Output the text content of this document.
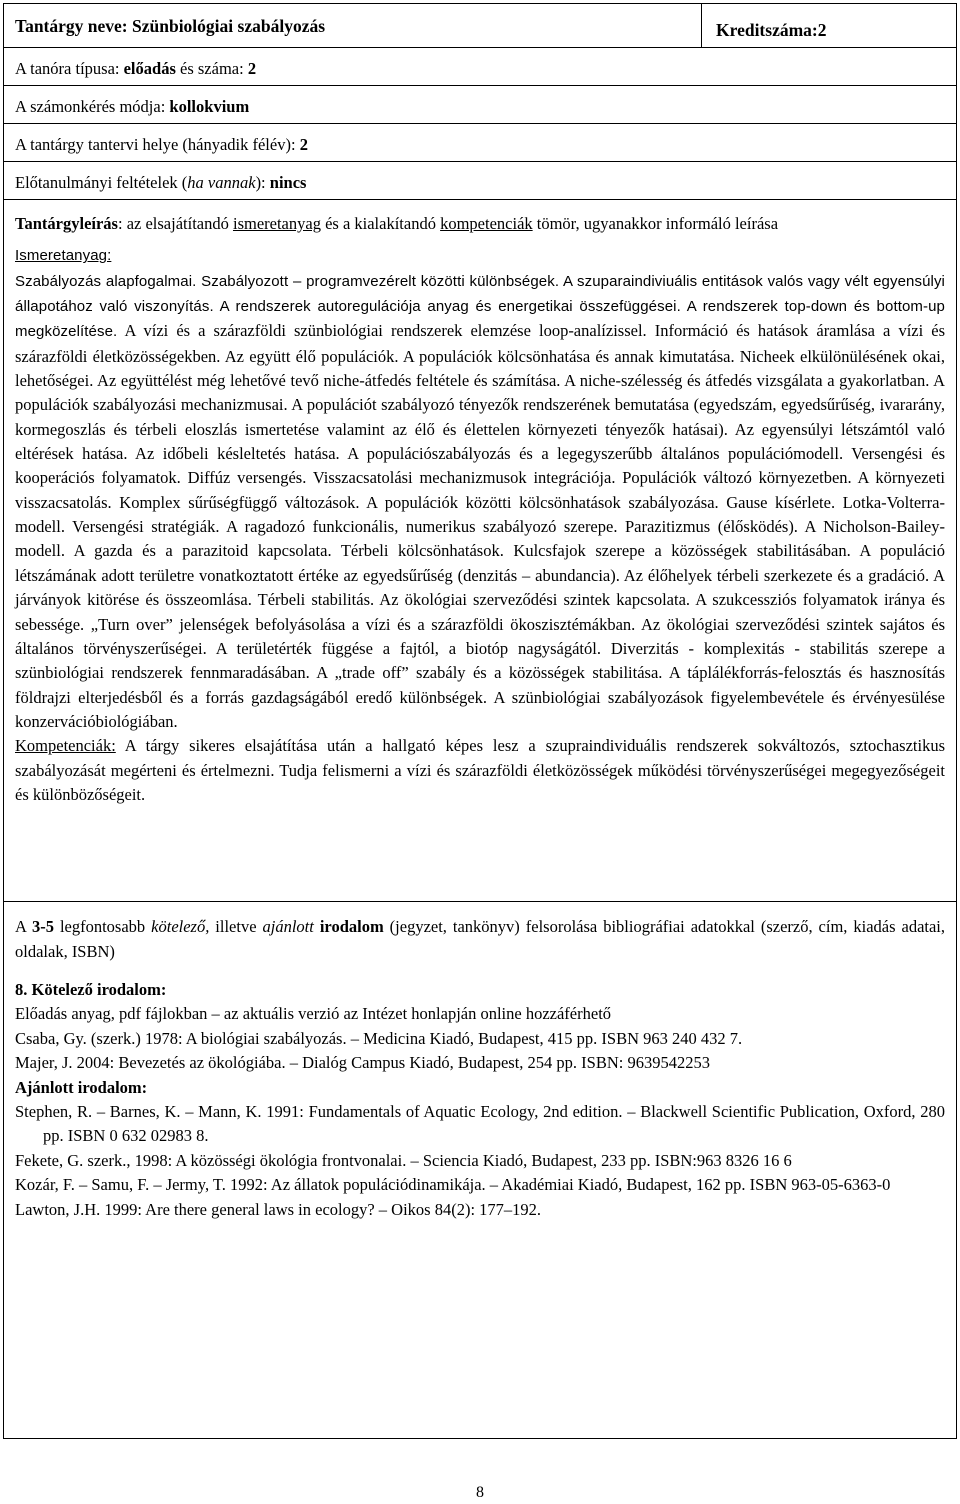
Tantárgy neve: Szünbiológiai szabályozás	Kreditszáma: 2
A tanóra típusa: előadás és száma: 2
A számonkérés módja: kollokvium
A tantárgy tantervi helye (hányadik félév): 2
Előtanulmányi feltételek (ha vannak): nincs

Tantárgyleírás: az elsajátítandó ismeretanyag és a kialakítandó kompetenciák tömör, ugyanakkor informáló leírása

Ismeretanyag:

Szabályozás alapfogalmai. Szabályozott – programvezérelt közötti különbségek. A szuparaindiviuális entitások valós vagy vélt egyensúlyi állapotához való viszonyítás. A rendszerek autoregulációja anyag és energetikai összefüggései. A rendszerek top-down és bottom-up megközelítése. A vízi és a szárazföldi szünbiológiai rendszerek elemzése loop-analízissel. Információ és hatások áramlása a vízi és szárazföldi életközösségekben. Az együtt élő populációk. A populációk kölcsönhatása és annak kimutatása. Nicheek elkülönülésének okai, lehetőségei. Az együttélést még lehetővé tevő niche-átfedés feltétele és számítása. A niche-szélesség és átfedés vizsgálata a gyakorlatban. A populációk szabályozási mechanizmusai. A populációt szabályozó tényezők rendszerének bemutatása (egyedszám, egyedsűrűség, ivararány, kormegoszlás és térbeli eloszlás ismertetése valamint az élő és élettelen környezeti tényezők hatásai). Az egyensúlyi létszámtól való eltérések hatása. Az időbeli késleltetés hatása. A populációszabályozás és a legegyszerűbb általános populációmodell. Versengési és kooperációs folyamatok. Diffúz versengés. Visszacsatolási mechanizmusok integrációja. Populációk változó környezetben. A környezeti visszacsatolás. Komplex sűrűségfüggő változások. A populációk közötti kölcsönhatások szabályozása. Gause kísérlete. Lotka-Volterra-modell. Versengési stratégiák. A ragadozó funkcionális, numerikus szabályozó szerepe. Parazitizmus (élősködés). A Nicholson-Bailey-modell. A gazda és a parazitoid kapcsolata. Térbeli kölcsönhatások. Kulcsfajok szerepe a közösségek stabilitásában. A populáció létszámának adott területre vonatkoztatott értéke az egyedsűrűség (denzitás – abundancia). Az élőhelyek térbeli szerkezete és a gradáció. A járványok kitörése és összeomlása. Térbeli stabilitás. Az ökológiai szerveződési szintek kapcsolata. A szukcessziós folyamatok iránya és sebessége. „Turn over” jelenségek befolyásolása a vízi és a szárazföldi ökoszisztémákban. Az ökológiai szerveződési szintek sajátos és általános törvényszerűségei. A területérték függése a fajtól, a biotóp nagyságától. Diverzitás - komplexitás - stabilitás szerepe a szünbiológiai rendszerek fennmaradásában. A „trade off” szabály és a közösségek stabilitása. A táplálékforrás-felosztás és hasznosítás földrajzi elterjedésből és a forrás gazdagságából eredő különbségek. A szünbiológiai szabályozások figyelembevétele és érvényesülése konzervációbiológiában.

Kompetenciák: A tárgy sikeres elsajátítása után a hallgató képes lesz a szupraindividuális rendszerek sokváltozós, sztochasztikus szabályozását megérteni és értelmezni. Tudja felismerni a vízi és szárazföldi életközösségek működési törvényszerűségei megegyezőségeit és különbözőségeit.

A 3-5 legfontosabb kötelező, illetve ajánlott irodalom (jegyzet, tankönyv) felsorolása bibliográfiai adatokkal (szerző, cím, kiadás adatai, oldalak, ISBN)

8. Kötelező irodalom:

Előadás anyag, pdf fájlokban – az aktuális verzió az Intézet honlapján online hozzáférhető

Csaba, Gy. (szerk.) 1978: A biológiai szabályozás. – Medicina Kiadó, Budapest, 415 pp. ISBN 963 240 432 7.

Majer, J. 2004: Bevezetés az ökológiába. – Dialóg Campus Kiadó, Budapest, 254 pp. ISBN: 9639542253

Ajánlott irodalom:

Stephen, R. – Barnes, K. – Mann, K. 1991: Fundamentals of Aquatic Ecology, 2nd edition. – Blackwell Scientific Publication, Oxford, 280 pp. ISBN 0 632 02983 8.

Fekete, G. szerk., 1998: A közösségi ökológia frontvonalai. – Sciencia Kiadó, Budapest, 233 pp. ISBN:963 8326 16 6

Kozár, F. – Samu, F. – Jermy, T. 1992: Az állatok populációdinamikája. – Akadémiai Kiadó, Budapest, 162 pp. ISBN 963-05-6363-0

Lawton, J.H. 1999: Are there general laws in ecology? – Oikos 84(2): 177–192.

8
